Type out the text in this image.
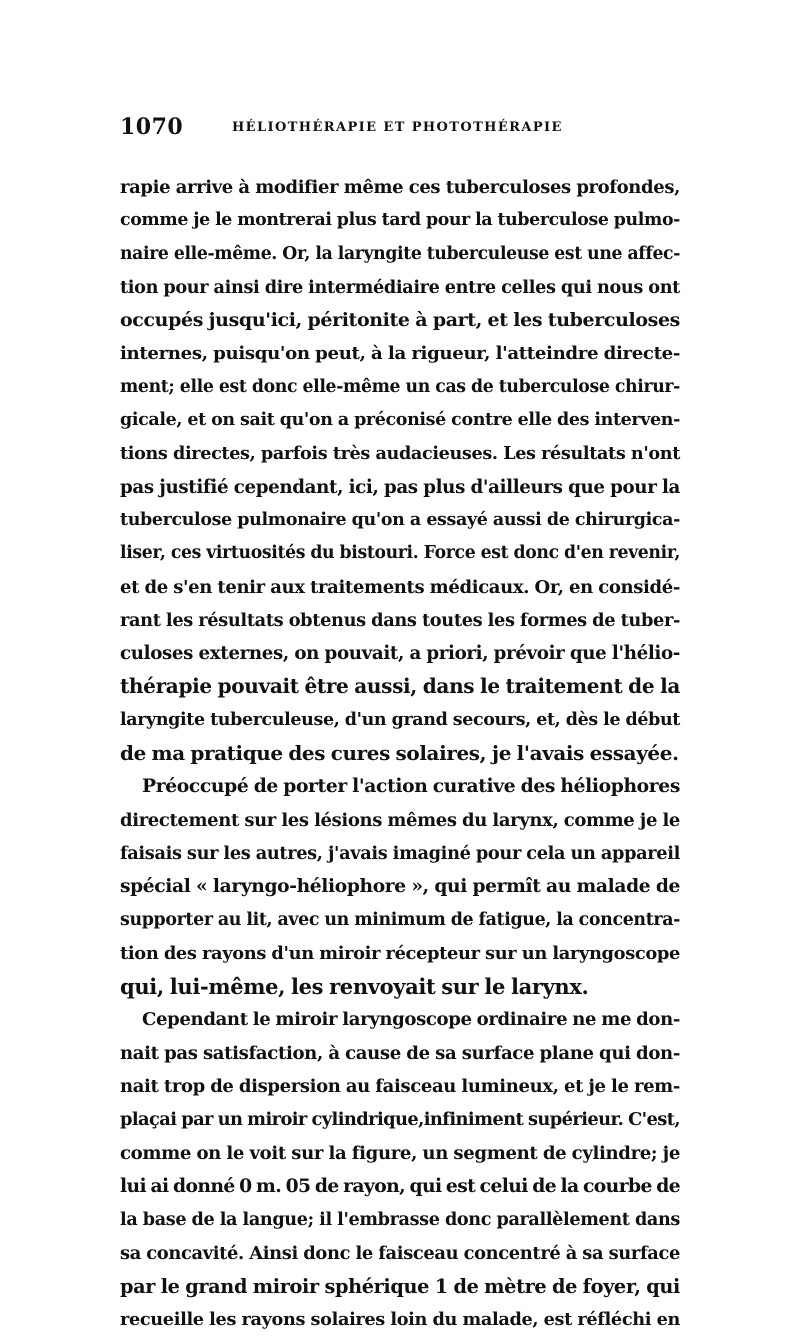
1070	HÉLIOTHÉRAPIE ET PHOTOTHÉRAPIE
rapie arrive à modifier même ces tuberculoses profondes,
comme je le montrerai plus tard pour la tuberculose pulmo-
naire elle-même. Or, la laryngite tuberculeuse est une affec-
tion pour ainsi dire intermédiaire entre celles qui nous ont
occupés jusqu'ici, péritonite à part, et les tuberculoses
internes, puisqu'on peut, à la rigueur, l'atteindre directe-
ment; elle est donc elle-même un cas de tuberculose chirur-
gicale, et on sait qu'on a préconisé contre elle des interven-
tions directes, parfois très audacieuses. Les résultats n'ont
pas justifié cependant, ici, pas plus d'ailleurs que pour la
tuberculose pulmonaire qu'on a essayé aussi de chirurgica-
liser, ces virtuosités du bistouri. Force est donc d'en revenir,
et de s'en tenir aux traitements médicaux. Or, en considé-
rant les résultats obtenus dans toutes les formes de tuber-
culoses externes, on pouvait, a priori, prévoir que l'hélio-
thérapie pouvait être aussi, dans le traitement de la
laryngite tuberculeuse, d'un grand secours, et, dès le début
de ma pratique des cures solaires, je l'avais essayée.
Préoccupé de porter l'action curative des héliophores
directement sur les lésions mêmes du larynx, comme je le
faisais sur les autres, j'avais imaginé pour cela un appareil
spécial « laryngo-héliophore », qui permît au malade de
supporter au lit, avec un minimum de fatigue, la concentra-
tion des rayons d'un miroir récepteur sur un laryngoscope
qui, lui-même, les renvoyait sur le larynx.
Cependant le miroir laryngoscope ordinaire ne me don-
nait pas satisfaction, à cause de sa surface plane qui don-
nait trop de dispersion au faisceau lumineux, et je le rem-
plaçai par un miroir cylindrique,infiniment supérieur. C'est,
comme on le voit sur la figure, un segment de cylindre; je
lui ai donné 0 m. 05 de rayon, qui est celui de la courbe de
la base de la langue; il l'embrasse donc parallèlement dans
sa concavité. Ainsi donc le faisceau concentré à sa surface
par le grand miroir sphérique 1 de mètre de foyer, qui
recueille les rayons solaires loin du malade, est réfléchi en
